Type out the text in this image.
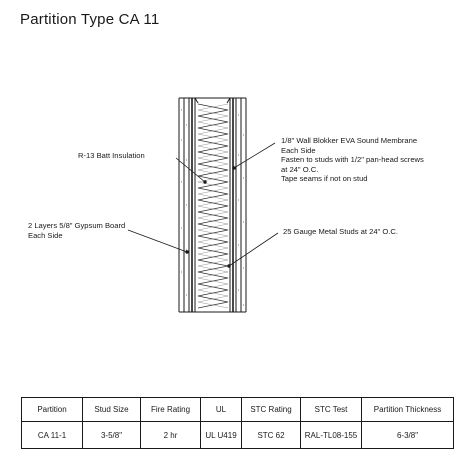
Partition Type CA 11
R-13 Batt Insulation
2 Layers 5/8" Gypsum Board
Each Side
1/8" Wall Blokker EVA Sound Membrane
Each Side
Fasten to studs with 1/2" pan-head screws
at 24" O.C.
Tape seams if not on stud
25 Gauge Metal Studs at 24" O.C.
Partition	Stud Size	Fire Rating	UL	STC Rating	STC Test	Partition Thickness
CA 11-1	3-5/8"	2 hr	UL U419	STC 62	RAL-TL08-155	6-3/8"
